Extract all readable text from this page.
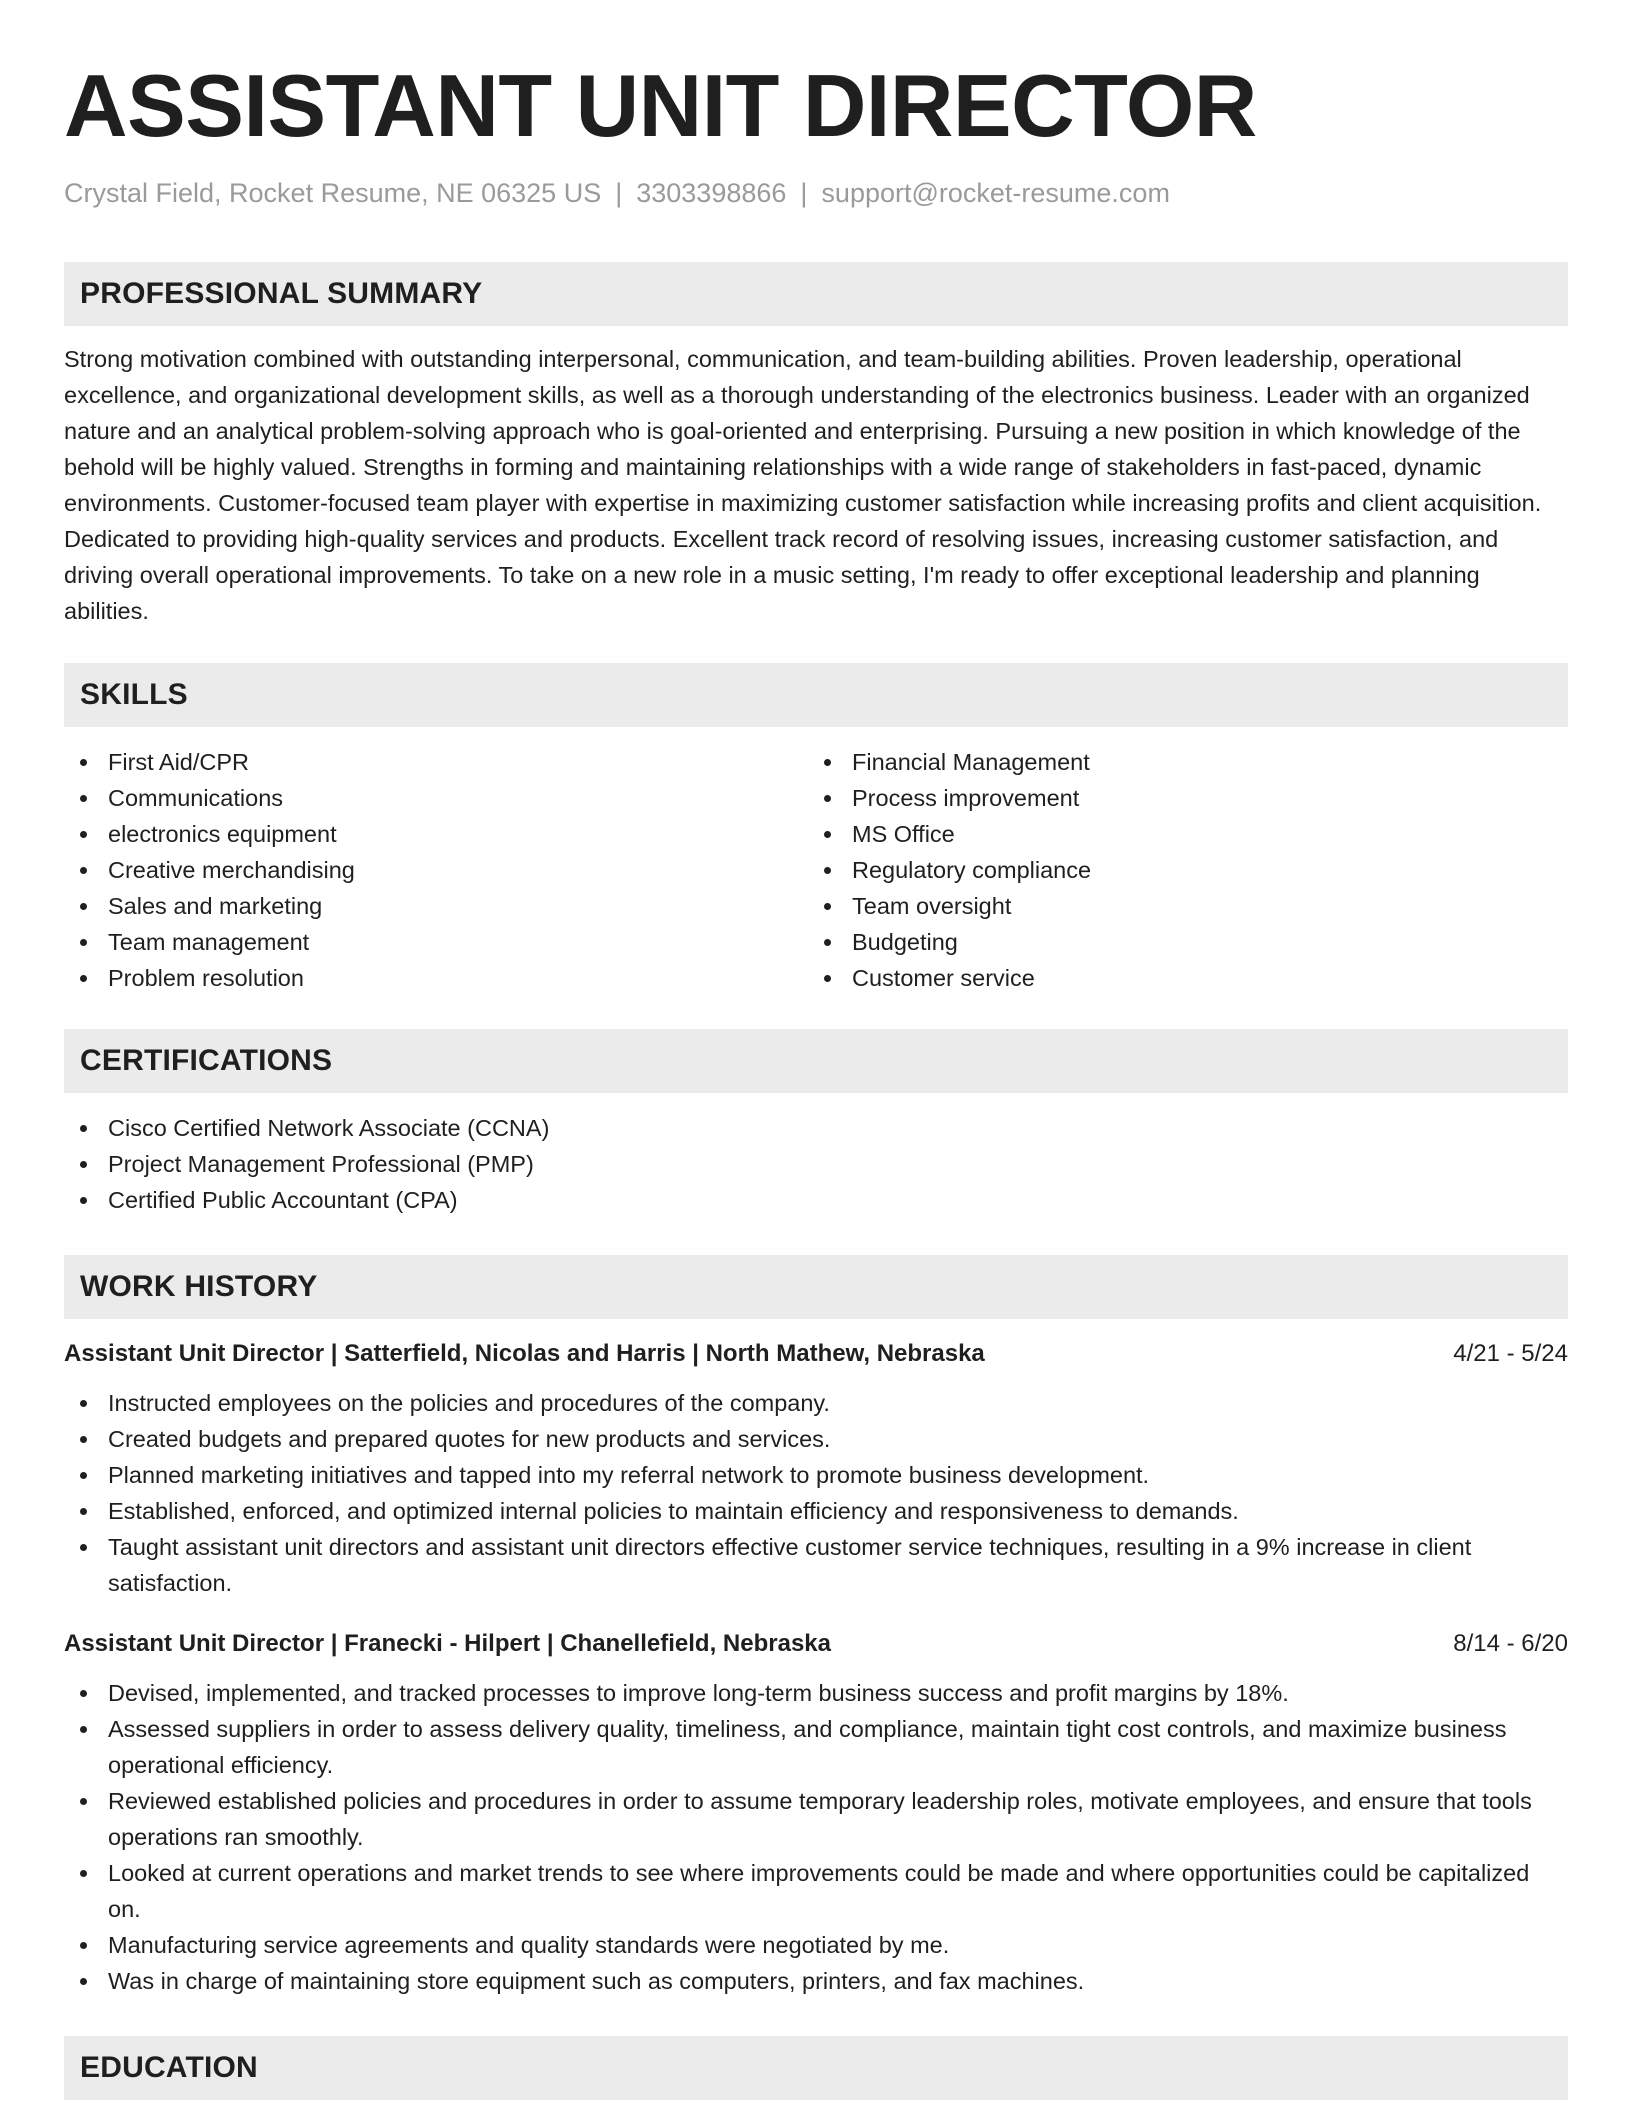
ASSISTANT UNIT DIRECTOR
Crystal Field, Rocket Resume, NE 06325 US | 3303398866 | support@rocket-resume.com
PROFESSIONAL SUMMARY

Strong motivation combined with outstanding interpersonal, communication, and team-building abilities. Proven leadership, operational excellence, and organizational development skills, as well as a thorough understanding of the electronics business. Leader with an organized nature and an analytical problem-solving approach who is goal-oriented and enterprising. Pursuing a new position in which knowledge of the behold will be highly valued. Strengths in forming and maintaining relationships with a wide range of stakeholders in fast-paced, dynamic environments. Customer-focused team player with expertise in maximizing customer satisfaction while increasing profits and client acquisition. Dedicated to providing high-quality services and products. Excellent track record of resolving issues, increasing customer satisfaction, and driving overall operational improvements. To take on a new role in a music setting, I'm ready to offer exceptional leadership and planning abilities.

SKILLS
First Aid/CPR
Communications
electronics equipment
Creative merchandising
Sales and marketing
Team management
Problem resolution
Financial Management
Process improvement
MS Office
Regulatory compliance
Team oversight
Budgeting
Customer service
CERTIFICATIONS
Cisco Certified Network Associate (CCNA)
Project Management Professional (PMP)
Certified Public Accountant (CPA)
WORK HISTORY
Assistant Unit Director | Satterfield, Nicolas and Harris | North Mathew, Nebraska	4/21 - 5/24
Instructed employees on the policies and procedures of the company.
Created budgets and prepared quotes for new products and services.
Planned marketing initiatives and tapped into my referral network to promote business development.
Established, enforced, and optimized internal policies to maintain efficiency and responsiveness to demands.
Taught assistant unit directors and assistant unit directors effective customer service techniques, resulting in a 9% increase in client satisfaction.
Assistant Unit Director | Franecki - Hilpert | Chanellefield, Nebraska	8/14 - 6/20
Devised, implemented, and tracked processes to improve long-term business success and profit margins by 18%.
Assessed suppliers in order to assess delivery quality, timeliness, and compliance, maintain tight cost controls, and maximize business operational efficiency.
Reviewed established policies and procedures in order to assume temporary leadership roles, motivate employees, and ensure that tools operations ran smoothly.
Looked at current operations and market trends to see where improvements could be made and where opportunities could be capitalized on.
Manufacturing service agreements and quality standards were negotiated by me.
Was in charge of maintaining store equipment such as computers, printers, and fax machines.
EDUCATION
